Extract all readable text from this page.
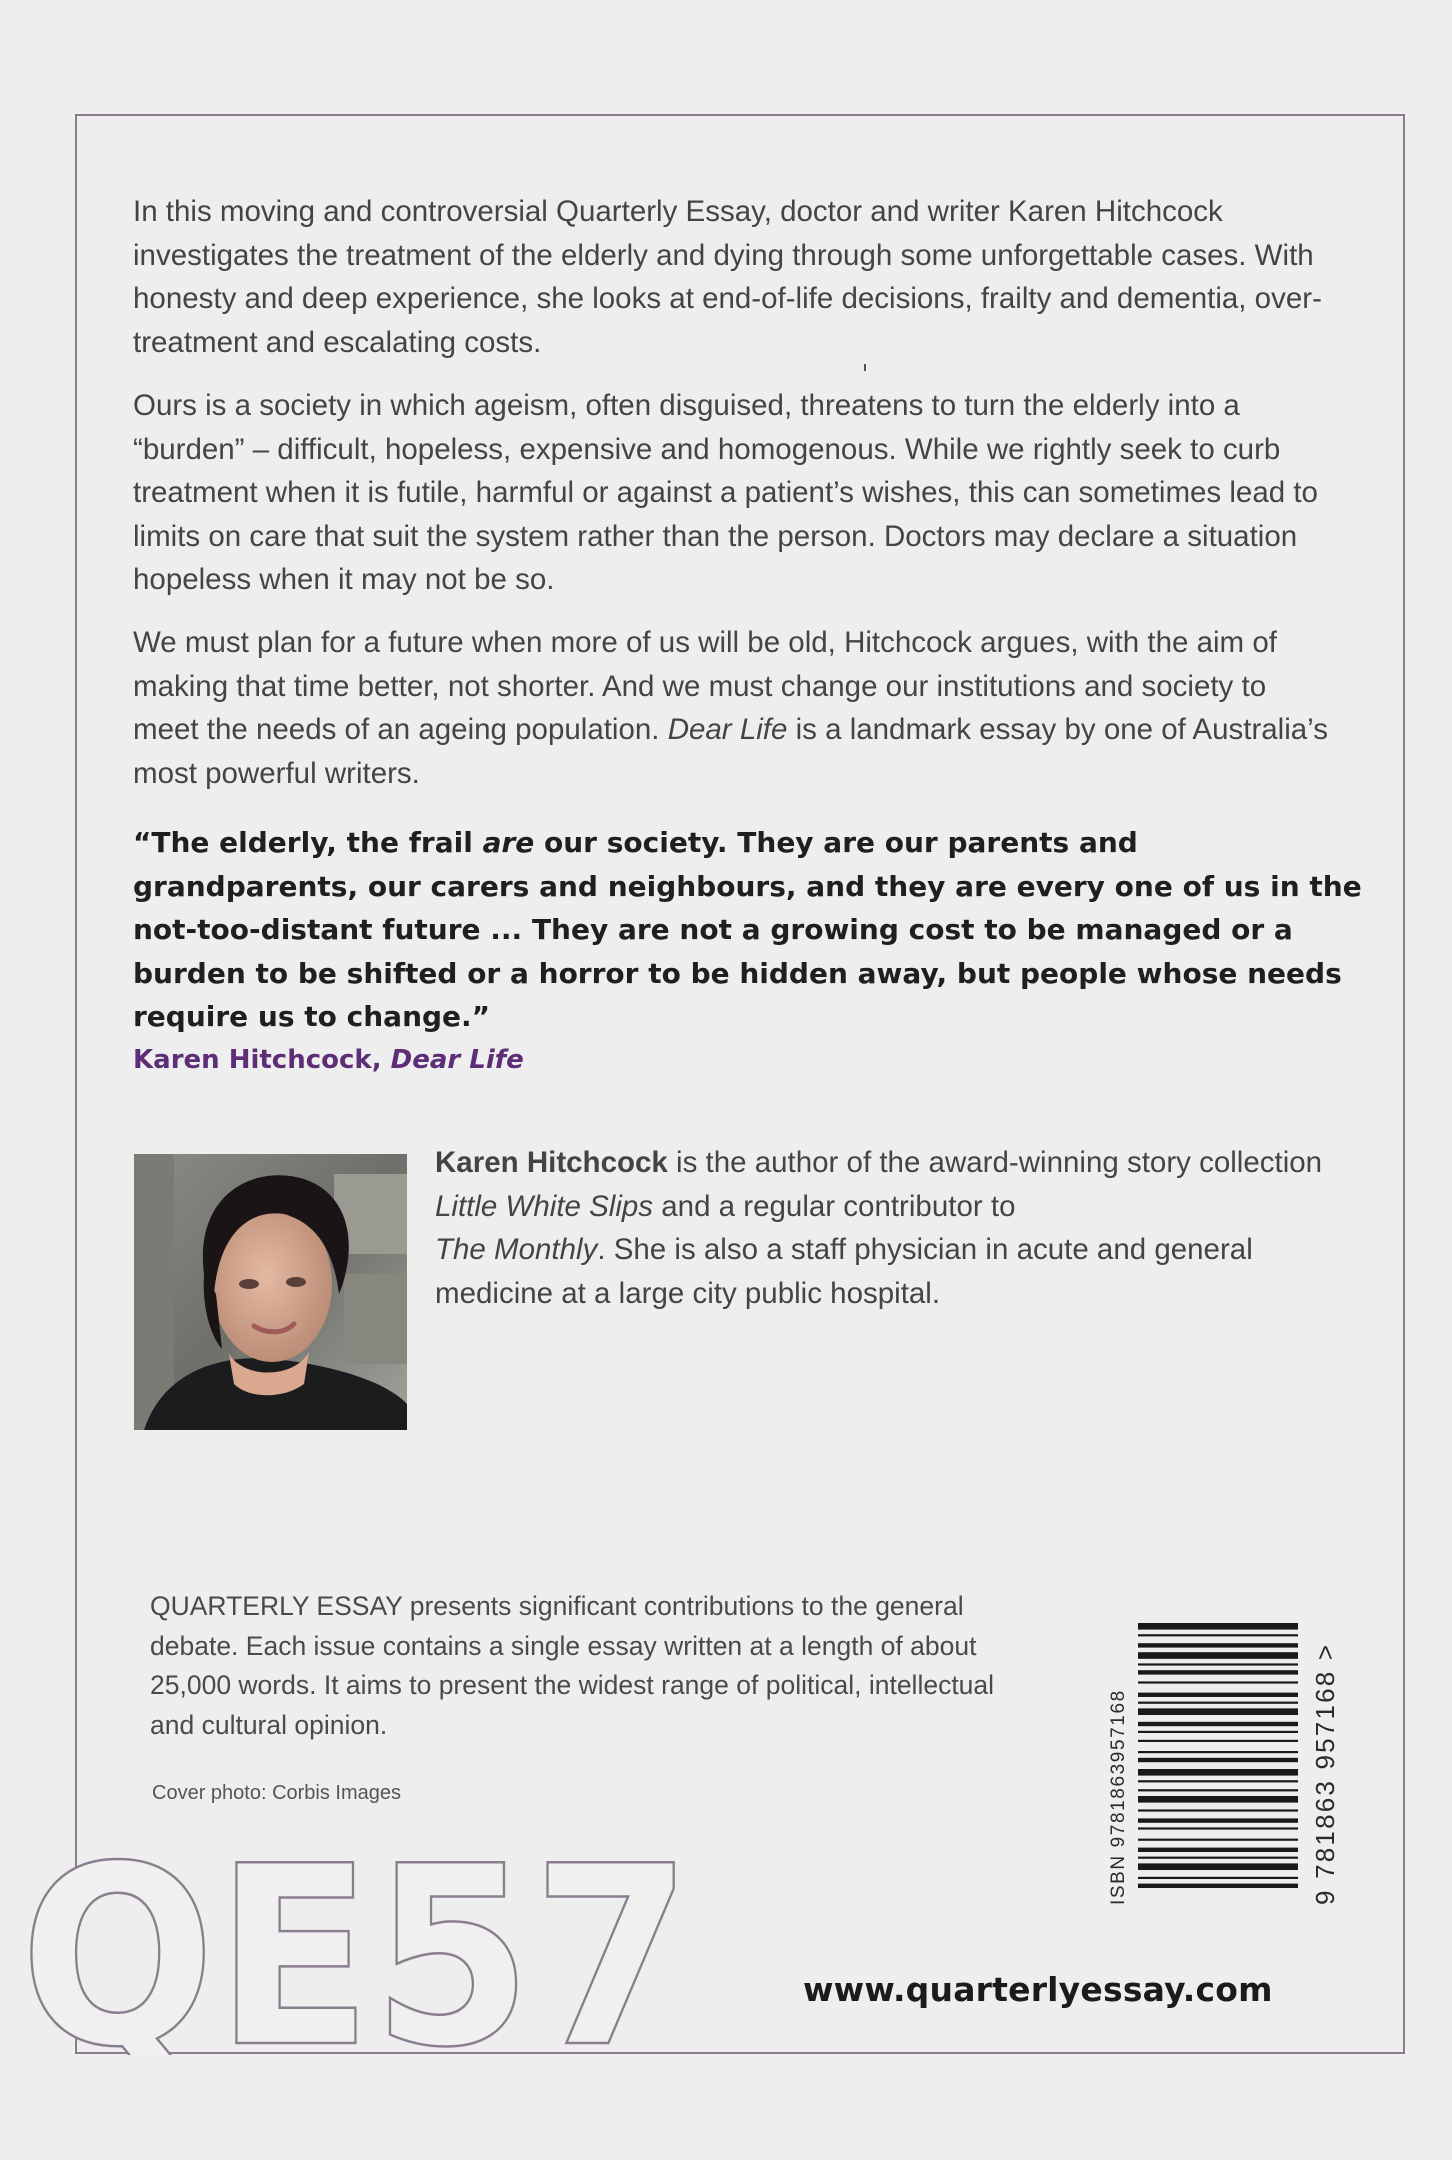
In this moving and controversial Quarterly Essay, doctor and writer Karen Hitchcock investigates the treatment of the elderly and dying through some unforgettable cases. With honesty and deep experience, she looks at end-of-life decisions, frailty and dementia, over-treatment and escalating costs.

Ours is a society in which ageism, often disguised, threatens to turn the elderly into a “burden” – difficult, hopeless, expensive and homogenous. While we rightly seek to curb treatment when it is futile, harmful or against a patient’s wishes, this can sometimes lead to limits on care that suit the system rather than the person. Doctors may declare a situation hopeless when it may not be so.

We must plan for a future when more of us will be old, Hitchcock argues, with the aim of making that time better, not shorter. And we must change our institutions and society to meet the needs of an ageing population. Dear Life is a landmark essay by one of Australia’s most powerful writers.

“The elderly, the frail are our society. They are our parents and grandparents, our carers and neighbours, and they are every one of us in the not-too-distant future ... They are not a growing cost to be managed or a burden to be shifted or a horror to be hidden away, but people whose needs require us to change.”

Karen Hitchcock, Dear Life

Karen Hitchcock is the author of the award-winning story collection Little White Slips and a regular contributor to
The Monthly. She is also a staff physician in acute and general medicine at a large city public hospital.

QUARTERLY ESSAY presents significant contributions to the general debate. Each issue contains a single essay written at a length of about 25,000 words. It aims to present the widest range of political, intellectual and cultural opinion.

Cover photo: Corbis Images

QE57	www.quarterlyessay.com
ISBN 9781863957168	9 781863 957168 >
